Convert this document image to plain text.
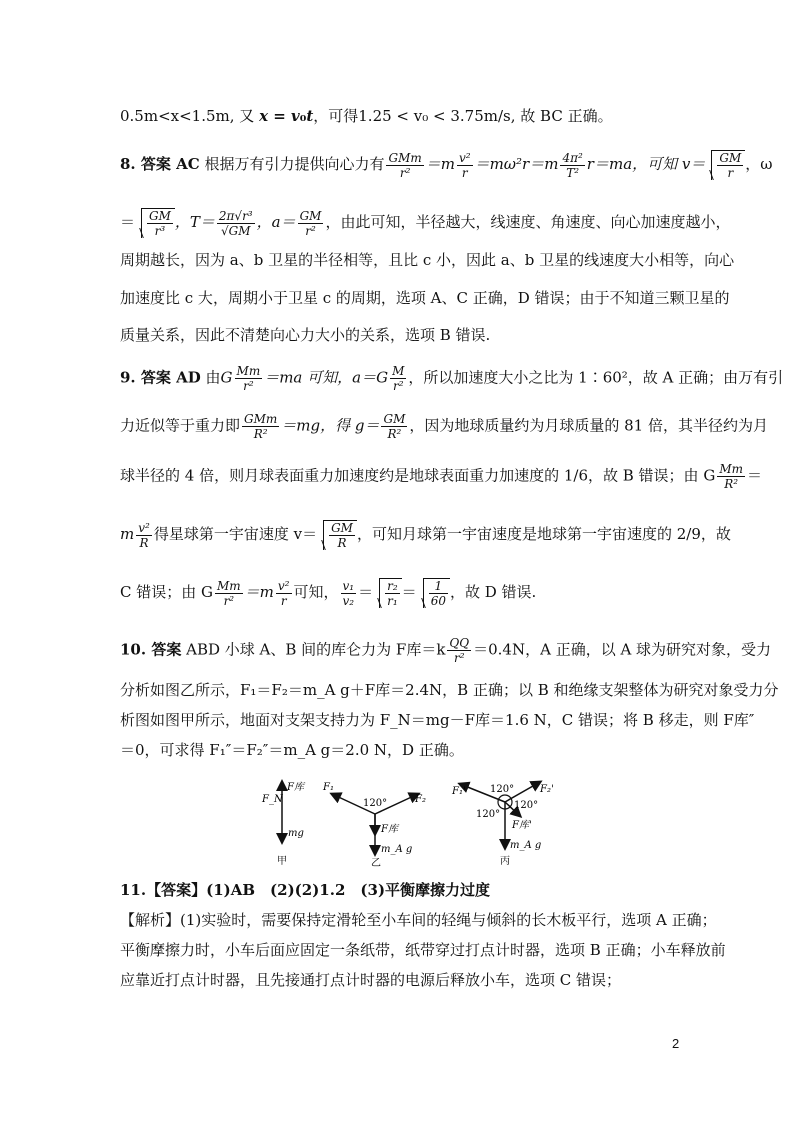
0.5m<x<1.5m, 又 x = v₀t，可得1.25 < v₀ < 3.75m/s, 故 BC 正确。
8. 答案 AC 根据万有引力提供向心力有 $\frac{\text{GMm}}{\text{r²}} =m \frac{\text{v²}}{r} =m\omega^2r=m \frac{\text{4π²}}{\text{T²}} r=ma$，可知 $v= \frac{GM}{r}$ ，ω
＝ $\frac{GM}{\text{r³}}$ ，$T= \frac{\text{2π√r³}}{√GM}$ ，$a= \frac{GM}{\text{r²}}$ ，由此可知，半径越大，线速度、角速度、向心加速度越小，
周期越长，因为 a、b 卫星的半径相等，且比 c 小，因此 a、b 卫星的线速度大小相等，向心
加速度比 c 大，周期小于卫星 c 的周期，选项 A、C 正确，D 错误；由于不知道三颗卫星的
质量关系，因此不清楚向心力大小的关系，选项 B 错误.
9. 答案 AD 由G $\frac{Mm}{\text{r²}} =ma$ 可知，$a=G \frac{M}{\text{r²}}$ ，所以加速度大小之比为 1∶60²，故 A 正确；由万有引
力近似等于重力即 $\frac{\text{GMm}}{\text{R²}} =mg$，得 $g= \frac{GM}{\text{R²}}$ ，因为地球质量约为月球质量的 81 倍，其半径约为月
球半径的 4 倍，则月球表面重力加速度约是地球表面重力加速度的 1/6，故 B 错误；由 G $\frac{Mm}{\text{R²}}$ ＝
m $\frac{\text{v²}}{R}$ 得星球第一宇宙速度 $v= \frac{GM}{R}$ ，可知月球第一宇宙速度是地球第一宇宙速度的 2/9，故
C 错误；由 G $\frac{Mm}{\text{r²}} =m \frac{\text{v²}}{r}$ 可知， $\frac{\text{v₁}}{\text{v₂}} = \frac{\text{r₂}}{\text{r₁}} = \frac{1}{60}$ ，故 D 错误.
10. 答案 ABD 小球 A、B 间的库仑力为 F库$=k \frac{QQ}{\text{r²}} =0.4N$，A 正确，以 A 球为研究对象，受力
分析如图乙所示，F₁＝F₂＝m_A g＋F库＝2.4N，B 正确；以 B 和绝缘支架整体为研究对象受力分
析图如图甲所示，地面对支架支持力为 F_N＝mg－F库＝1.6 N，C 错误；将 B 移走，则 F库″
＝0，可求得 F₁″＝F₂″＝m_A g＝2.0 N，D 正确。
F_N
F库
mg
甲
F₁
F₂
120°
F库
m_A g
乙
F₁'	F₂'
120°
120°
120°
F库'
m_A g
丙
11.【答案】(1)AB　(2)(2)1.2　(3)平衡摩擦力过度
【解析】(1)实验时，需要保持定滑轮至小车间的轻绳与倾斜的长木板平行，选项 A 正确；
平衡摩擦力时，小车后面应固定一条纸带，纸带穿过打点计时器，选项 B 正确；小车释放前
应靠近打点计时器，且先接通打点计时器的电源后释放小车，选项 C 错误；
2
